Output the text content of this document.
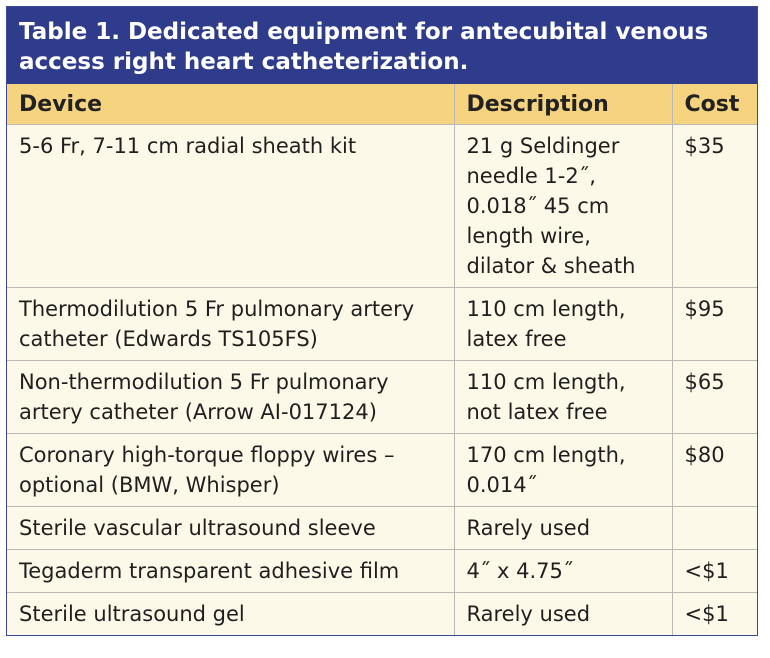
Table 1. Dedicated equipment for antecubital venous access right heart catheterization.
Device	Description	Cost
5-6 Fr, 7-11 cm radial sheath kit	21 g Seldinger needle 1-2˝, 0.018˝ 45 cm length wire, dilator & sheath	$35
Thermodilution 5 Fr pulmonary artery catheter (Edwards TS105FS)	110 cm length, latex free	$95
Non-thermodilution 5 Fr pulmonary artery catheter (Arrow AI-017124)	110 cm length, not latex free	$65
Coronary high-torque floppy wires – optional (BMW, Whisper)	170 cm length, 0.014˝	$80
Sterile vascular ultrasound sleeve	Rarely used	
Tegaderm transparent adhesive film	4˝ x 4.75˝	<$1
Sterile ultrasound gel	Rarely used	<$1
